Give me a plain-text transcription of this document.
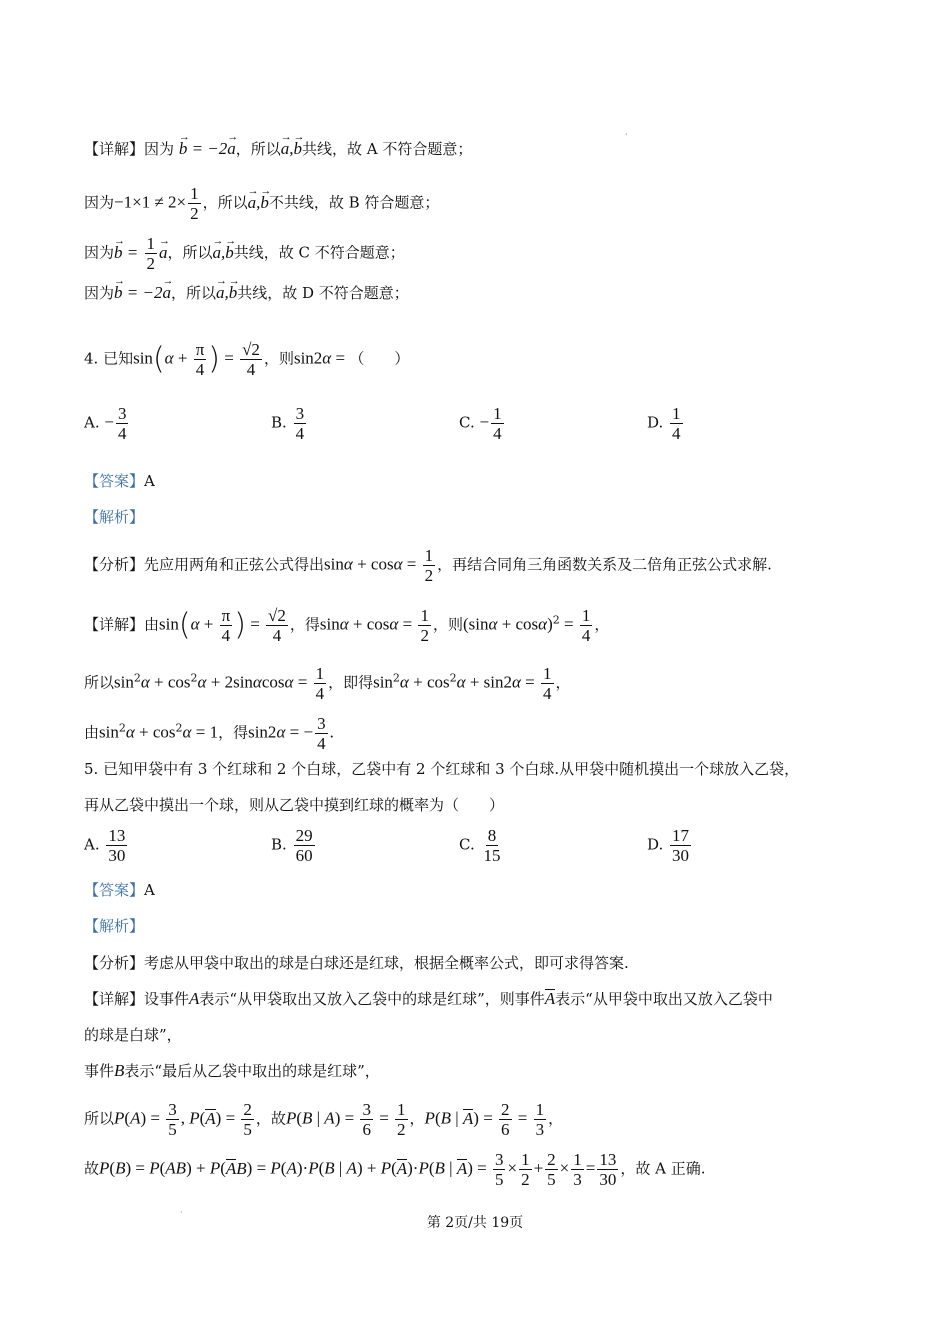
·
【详解】因为 → b = −2→ a，所以→ a,→ b共线，故 A 不符合题意；
因为$-1\times 1 \ne 2\times \frac{1}{2}$ ，所以→ a,→ b不共线，故 B 符合题意；
因为→ $b = \frac{1}{2}$
→ a，所以→ a,→ b共线，故 C 不符合题意；
因为→ b = −2→ a，所以→ a,→ b共线，故 D 不符合题意；
4. 已知$\sin(\alpha + \frac{\pi}{4}$ ) = $\frac{√2}{4}$ ，则sin2α = （　　）
A. − $\frac{3}{4}$	B. $\frac{3}{4}$	C. − $\frac{1}{4}$	D. $\frac{1}{4}$
【答案】A
【解析】
【分析】先应用两角和正弦公式得出$\sin\alpha + \cos\alpha = \frac{1}{2}$ ，再结合同角三角函数关系及二倍角正弦公式求解.
【详解】由$\sin(\alpha + \frac{\pi}{4}$ ) = $\frac{√2}{4}$ ，得$\sin\alpha + \cos\alpha = \frac{1}{2}$ ，则$(\sin\alpha + \cos\alpha)^2 = \frac{1}{4}$ ，
所以$\sin^2\alpha + \cos^2\alpha + 2\sin\alpha\cos\alpha = \frac{1}{4}$ ，即得$\sin^2\alpha + \cos^2\alpha + \sin 2\alpha = \frac{1}{4}$ ，
由$\sin^2\alpha + \cos^2\alpha = 1$，得sin2α = − $\frac{3}{4}$ .
5. 已知甲袋中有 3 个红球和 2 个白球，乙袋中有 2 个红球和 3 个白球.从甲袋中随机摸出一个球放入乙袋，
再从乙袋中摸出一个球，则从乙袋中摸到红球的概率为（　　）
A. $\frac{13}{30}$	B. $\frac{29}{60}$	C. $\frac{8}{15}$	D. $\frac{17}{30}$
【答案】A
【解析】
【分析】考虑从甲袋中取出的球是白球还是红球，根据全概率公式，即可求得答案.
【详解】设事件A表示“从甲袋取出又放入乙袋中的球是红球”，则事件A表示“从甲袋中取出又放入乙袋中
的球是白球”，
事件B表示“最后从乙袋中取出的球是红球”，
所以$P(A) = \frac{3}{5}$ , $P(A) = \frac{2}{5}$ ，故P(B | $A) = \frac{3}{6} = \frac{1}{2}$ ，P(B | $A) = \frac{2}{6} = \frac{1}{3}$ ，
故P(B) = P(AB) + P(AB) = P(A)·P(B | A) + P(A)·P(B | $A) = \frac{3}{5} \times \frac{1}{2} + \frac{2}{5} \times \frac{1}{3} = \frac{13}{30}$ ，故 A 正确.
·
第 2页/共 19页
